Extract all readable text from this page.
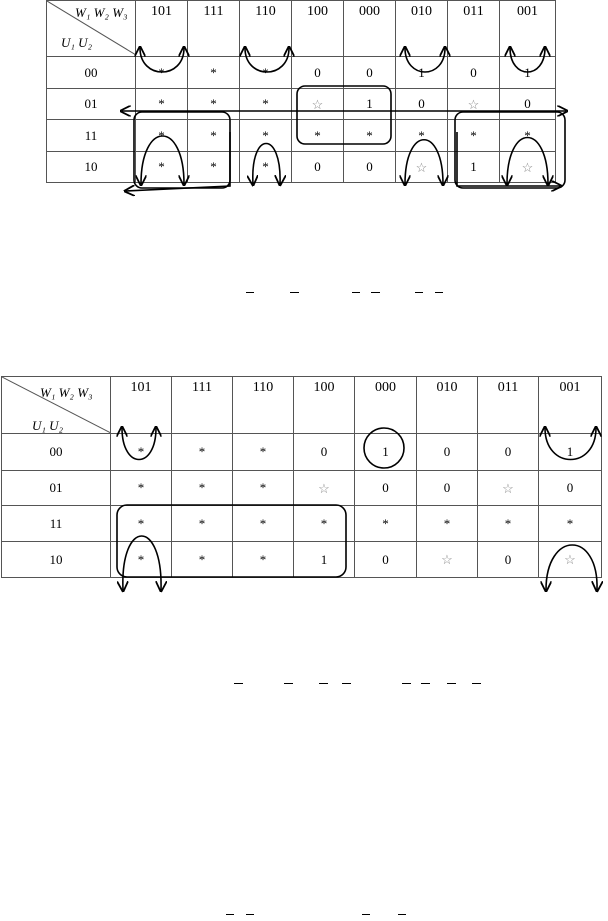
W₁ W₂ W₃
U₁ U₂	101	111	110	100	000	010	011	001
00	*	*	*	0	0	1	0	1
01	*	*	*	☆	1	0	☆	0
11	*	*	*	*	*	*	*	*
10	*	*	*	0	0	☆	1	☆
W₁ W₂ W₃
U₁ U₂	101	111	110	100	000	010	011	001
00	*	*	*	0	1	0	0	1
01	*	*	*	☆	0	0	☆	0
11	*	*	*	*	*	*	*	*
10	*	*	*	1	0	☆	0	☆
